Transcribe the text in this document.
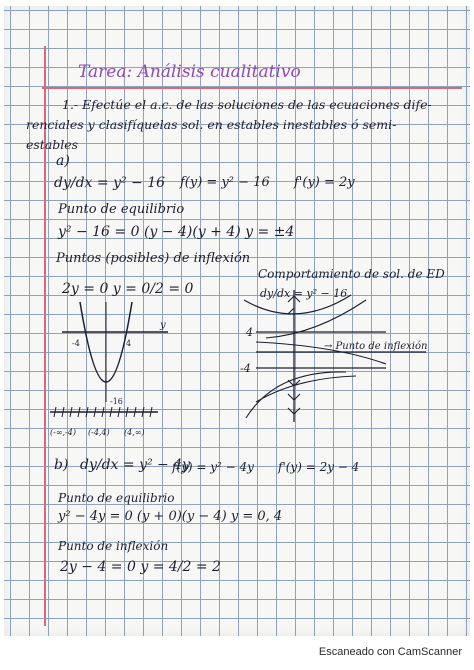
Tarea: Análisis cualitativo
1.- Efectúe el a.c. de las soluciones de las ecuaciones dife-
renciales y clasifíquelas sol. en estables inestables ó semi-
estables
a)
dy/dx = y² − 16 f(y) = y² − 16 f'(y) = 2y
Punto de equilibrio
y² − 16 = 0 (y − 4)(y + 4) y = ±4
Puntos (posibles) de inflexión
2y = 0 y = 0/2 = 0
Comportamiento de sol. de ED
dy/dx = y² − 16
-4	4
-16
y
(-∞,-4) (-4,4) (4,∞)
4
-4
→ Punto de inflexión
b) dy/dx = y² − 4y
f(y) = y² − 4y f'(y) = 2y − 4
Punto de equilibrio
y² − 4y = 0 (y + 0)(y − 4) y = 0, 4
Punto de inflexión
2y − 4 = 0 y = 4/2 = 2
Escaneado con CamScanner
